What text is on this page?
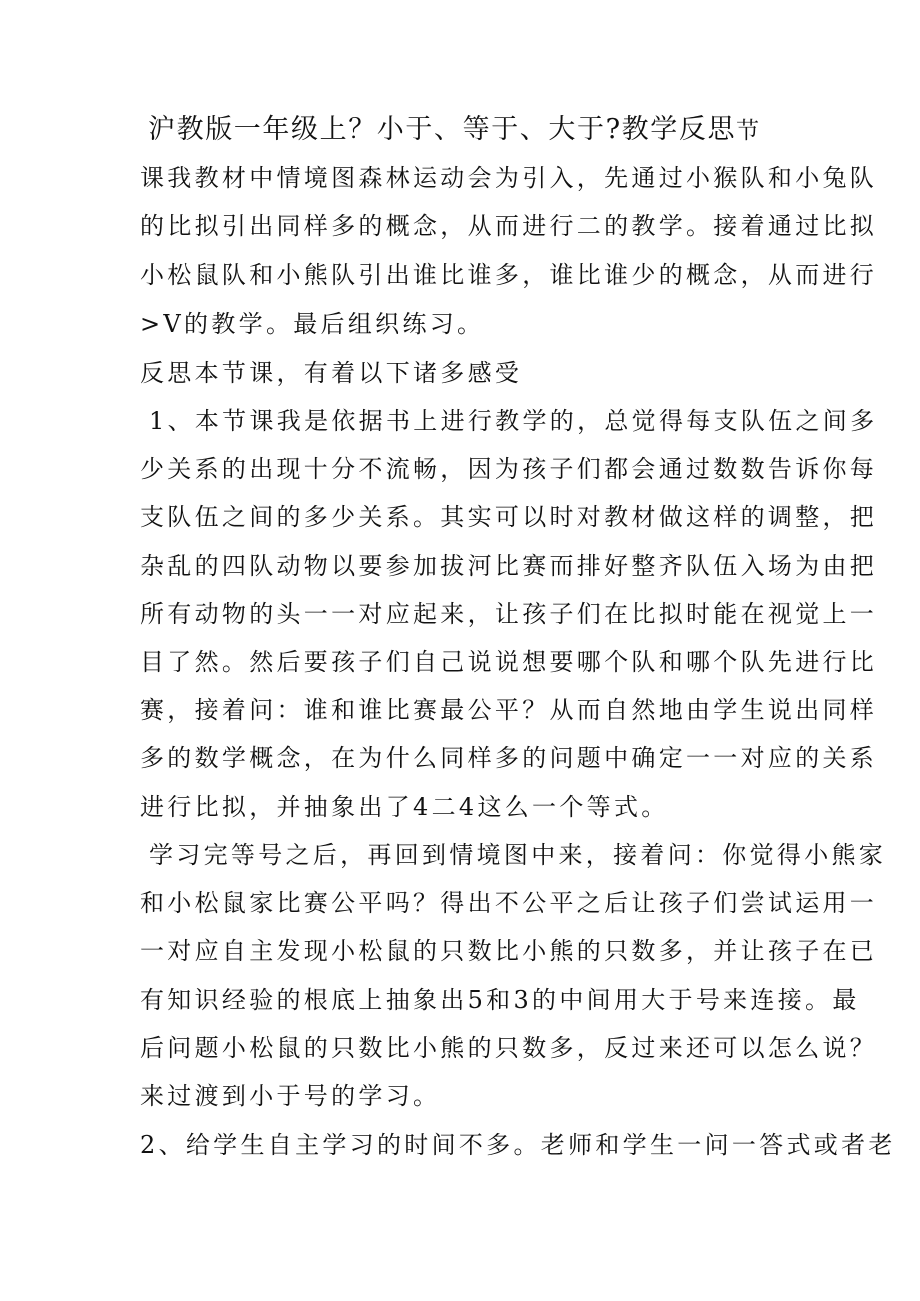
沪教版一年级上？小于、等于、大于?教学反思节
课我教材中情境图森林运动会为引入，先通过小猴队和小兔队
的比拟引出同样多的概念，从而进行二的教学。接着通过比拟
小松鼠队和小熊队引出谁比谁多，谁比谁少的概念，从而进行
>V的教学。最后组织练习。
反思本节课，有着以下诸多感受
1、本节课我是依据书上进行教学的，总觉得每支队伍之间多
少关系的出现十分不流畅，因为孩子们都会通过数数告诉你每
支队伍之间的多少关系。其实可以时对教材做这样的调整，把
杂乱的四队动物以要参加拔河比赛而排好整齐队伍入场为由把
所有动物的头一一对应起来，让孩子们在比拟时能在视觉上一
目了然。然后要孩子们自己说说想要哪个队和哪个队先进行比
赛，接着问：谁和谁比赛最公平？从而自然地由学生说出同样
多的数学概念，在为什么同样多的问题中确定一一对应的关系
进行比拟，并抽象出了4二4这么一个等式。
学习完等号之后，再回到情境图中来，接着问：你觉得小熊家
和小松鼠家比赛公平吗？得出不公平之后让孩子们尝试运用一
一对应自主发现小松鼠的只数比小熊的只数多，并让孩子在已
有知识经验的根底上抽象出5和3的中间用大于号来连接。最
后问题小松鼠的只数比小熊的只数多，反过来还可以怎么说？
来过渡到小于号的学习。
2、给学生自主学习的时间不多。老师和学生一问一答式或者老
